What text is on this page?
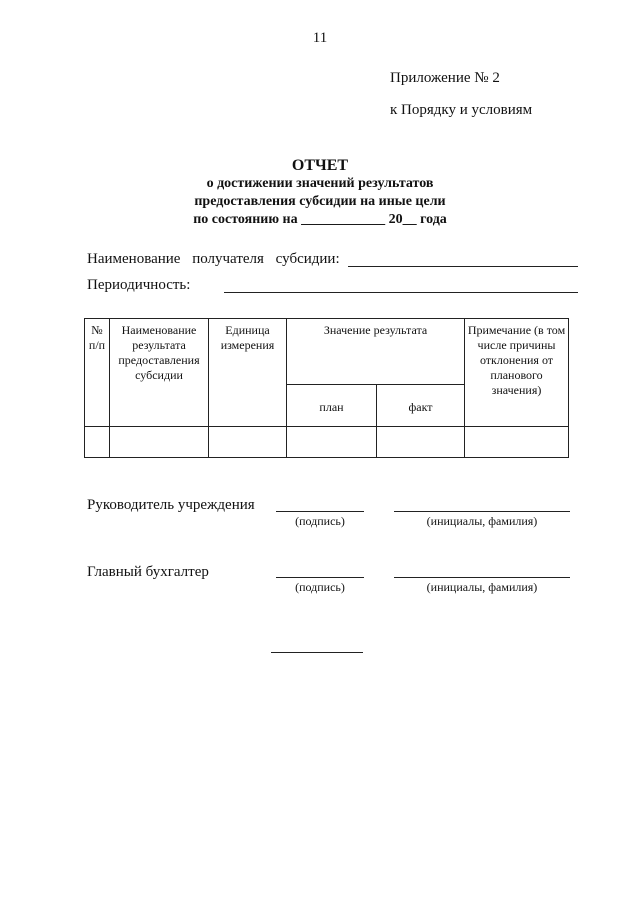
11
Приложение № 2
к Порядку и условиям
ОТЧЕТ
о достижении значений результатов
предоставления субсидии на иные цели
по состоянию на ____________ 20__ года
Наименование получателя субсидии:
Периодичность:
№ п/п	Наименование результата предоставления субсидии	Единица измерения	Значение результата		Примечание (в том числе причины отклонения от планового значения)
			план	факт	

Руководитель учреждения
(подпись)	(инициалы, фамилия)
Главный бухгалтер
(подпись)	(инициалы, фамилия)
